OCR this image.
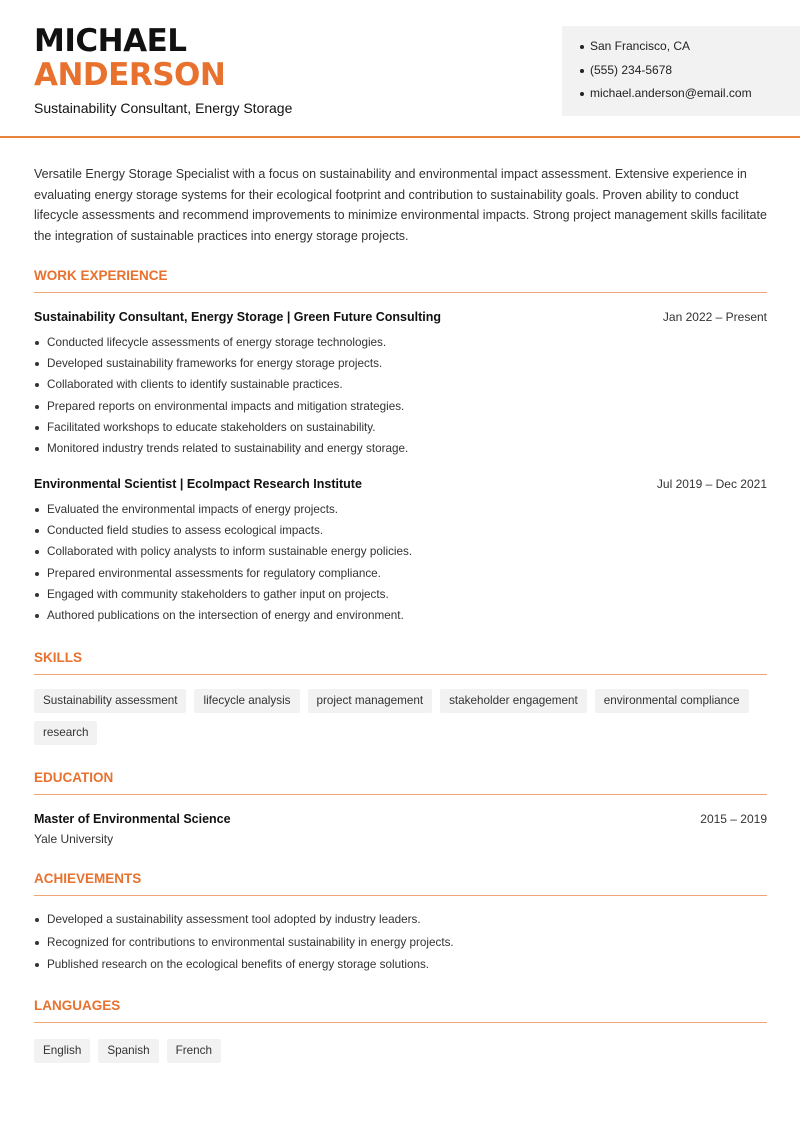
MICHAEL
ANDERSON
Sustainability Consultant, Energy Storage
San Francisco, CA
(555) 234-5678
michael.anderson@email.com
Versatile Energy Storage Specialist with a focus on sustainability and environmental impact assessment. Extensive experience in evaluating energy storage systems for their ecological footprint and contribution to sustainability goals. Proven ability to conduct lifecycle assessments and recommend improvements to minimize environmental impacts. Strong project management skills facilitate the integration of sustainable practices into energy storage projects.
WORK EXPERIENCE
Sustainability Consultant, Energy Storage | Green Future Consulting	Jan 2022 – Present
Conducted lifecycle assessments of energy storage technologies.
Developed sustainability frameworks for energy storage projects.
Collaborated with clients to identify sustainable practices.
Prepared reports on environmental impacts and mitigation strategies.
Facilitated workshops to educate stakeholders on sustainability.
Monitored industry trends related to sustainability and energy storage.
Environmental Scientist | EcoImpact Research Institute	Jul 2019 – Dec 2021
Evaluated the environmental impacts of energy projects.
Conducted field studies to assess ecological impacts.
Collaborated with policy analysts to inform sustainable energy policies.
Prepared environmental assessments for regulatory compliance.
Engaged with community stakeholders to gather input on projects.
Authored publications on the intersection of energy and environment.
SKILLS
Sustainability assessment	lifecycle analysis	project management	stakeholder engagement	environmental compliance
research
EDUCATION
Master of Environmental Science	2015 – 2019
Yale University
ACHIEVEMENTS
Developed a sustainability assessment tool adopted by industry leaders.
Recognized for contributions to environmental sustainability in energy projects.
Published research on the ecological benefits of energy storage solutions.
LANGUAGES
English	Spanish	French
